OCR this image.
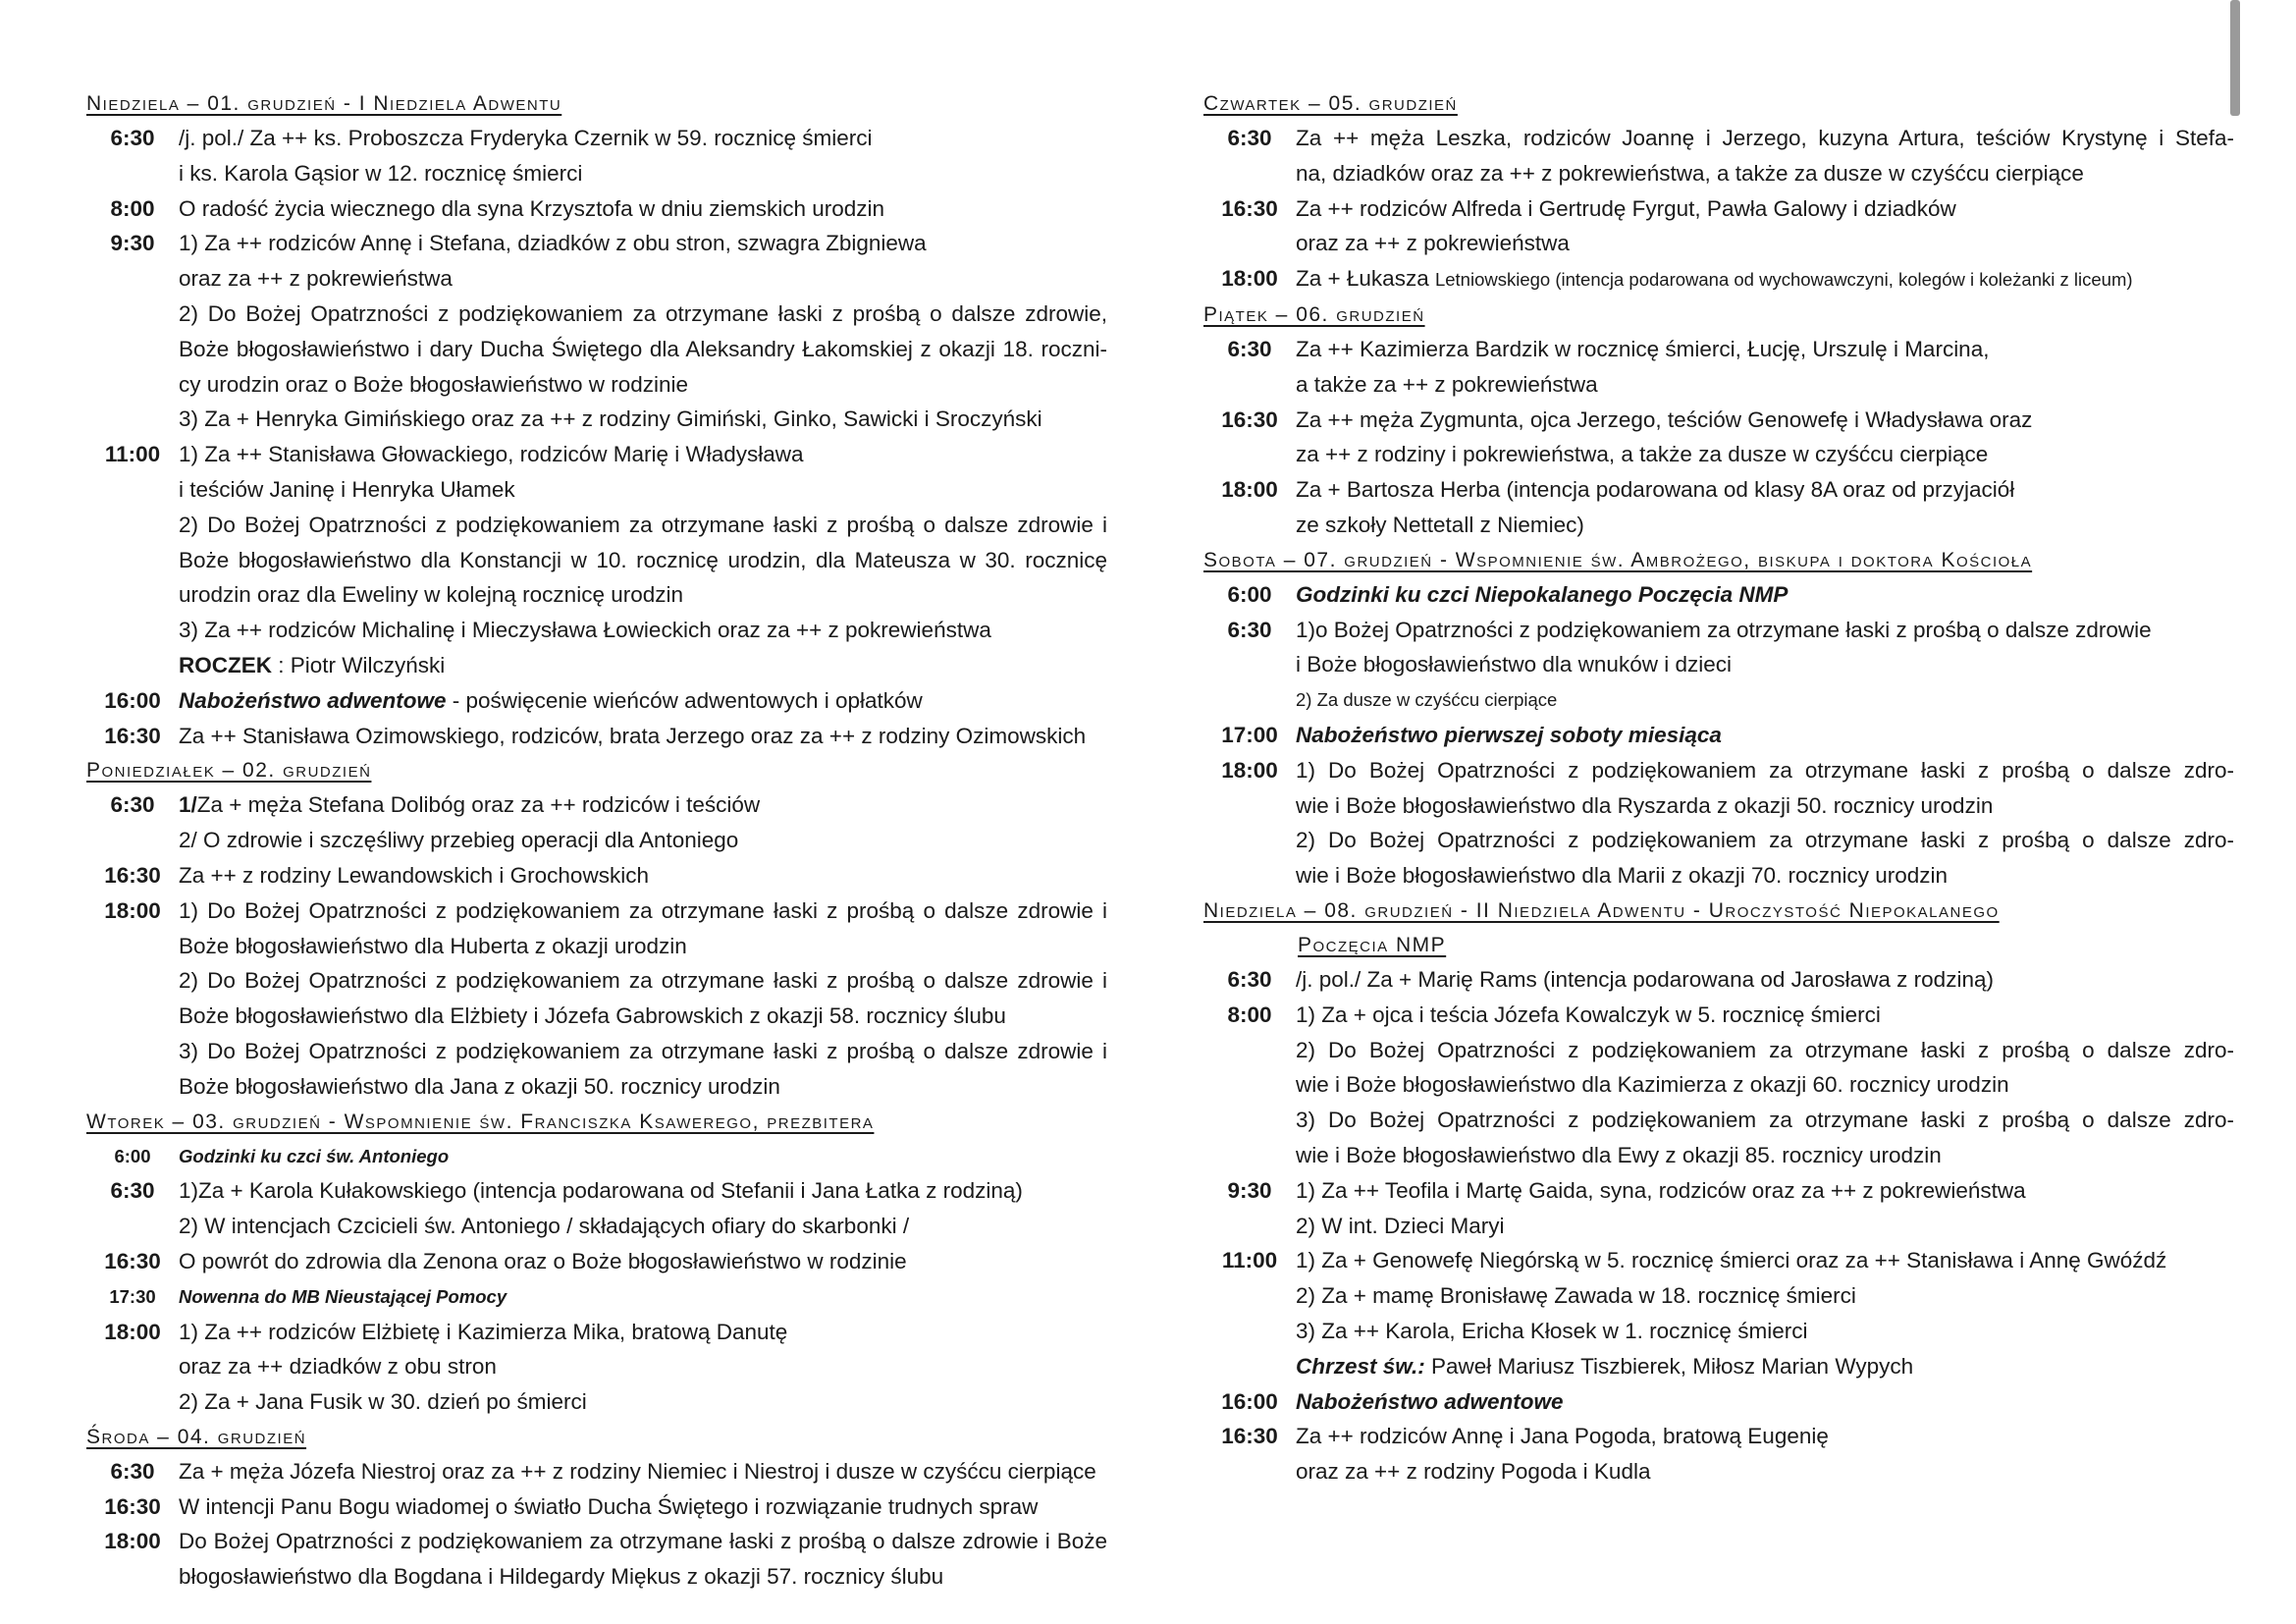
Niedziela – 01. grudzień - I Niedziela Adwentu
6:30	/j. pol./ Za ++ ks. Proboszcza Fryderyka Czernik w 59. rocznicę śmierci
i ks. Karola Gąsior w 12. rocznicę śmierci
8:00	O radość życia wiecznego dla syna Krzysztofa w dniu ziemskich urodzin
9:30	1) Za ++ rodziców Annę i Stefana, dziadków z obu stron, szwagra Zbigniewa
oraz za ++ z pokrewieństwa
2) Do Bożej Opatrzności z podziękowaniem za otrzymane łaski z prośbą o dalsze zdrowie,
Boże błogosławieństwo i dary Ducha Świętego dla Aleksandry Łakomskiej z okazji 18. roczni-
cy urodzin oraz o Boże błogosławieństwo w rodzinie
3) Za + Henryka Gimińskiego oraz za ++ z rodziny Gimiński, Ginko, Sawicki i Sroczyński
11:00 1) Za ++ Stanisława Głowackiego, rodziców Marię i Władysława
i teściów Janinę i Henryka Ułamek
2) Do Bożej Opatrzności z podziękowaniem za otrzymane łaski z prośbą o dalsze zdrowie i
Boże błogosławieństwo dla Konstancji w 10. rocznicę urodzin, dla Mateusza w 30. rocznicę
urodzin oraz dla Eweliny w kolejną rocznicę urodzin
3) Za ++ rodziców Michalinę i Mieczysława Łowieckich oraz za ++ z pokrewieństwa
ROCZEK : Piotr Wilczyński
16:00 Nabożeństwo adwentowe - poświęcenie wieńców adwentowych i opłatków
16:30 Za ++ Stanisława Ozimowskiego, rodziców, brata Jerzego oraz za ++ z rodziny Ozimowskich
Poniedziałek – 02. grudzień
6:30	1/Za + męża Stefana Dolibóg oraz za ++ rodziców i teściów
2/ O zdrowie i szczęśliwy przebieg operacji dla Antoniego
16:30 Za ++ z rodziny Lewandowskich i Grochowskich
18:00 1) Do Bożej Opatrzności z podziękowaniem za otrzymane łaski z prośbą o dalsze zdrowie i
Boże błogosławieństwo dla Huberta z okazji urodzin
2) Do Bożej Opatrzności z podziękowaniem za otrzymane łaski z prośbą o dalsze zdrowie i
Boże błogosławieństwo dla Elżbiety i Józefa Gabrowskich z okazji 58. rocznicy ślubu
3) Do Bożej Opatrzności z podziękowaniem za otrzymane łaski z prośbą o dalsze zdrowie i
Boże błogosławieństwo dla Jana z okazji 50. rocznicy urodzin
Wtorek – 03. grudzień - Wspomnienie św. Franciszka Ksawerego, prezbitera
6:00	Godzinki ku czci św. Antoniego
6:30	1)Za + Karola Kułakowskiego (intencja podarowana od Stefanii i Jana Łatka z rodziną)
2) W intencjach Czcicieli św. Antoniego / składających ofiary do skarbonki /
16:30 O powrót do zdrowia dla Zenona oraz o Boże błogosławieństwo w rodzinie
17:30	Nowenna do MB Nieustającej Pomocy
18:00 1) Za ++ rodziców Elżbietę i Kazimierza Mika, bratową Danutę
oraz za ++ dziadków z obu stron
2) Za + Jana Fusik w 30. dzień po śmierci
Środa – 04. grudzień
6:30	Za + męża Józefa Niestroj oraz za ++ z rodziny Niemiec i Niestroj i dusze w czyśćcu cierpiące
16:30 W intencji Panu Bogu wiadomej o światło Ducha Świętego i rozwiązanie trudnych spraw
18:00 Do Bożej Opatrzności z podziękowaniem za otrzymane łaski z prośbą o dalsze zdrowie i Boże
błogosławieństwo dla Bogdana i Hildegardy Miękus z okazji 57. rocznicy ślubu
Czwartek – 05. grudzień
6:30	Za ++ męża Leszka, rodziców Joannę i Jerzego, kuzyna Artura, teściów Krystynę i Stefa-
na, dziadków oraz za ++ z pokrewieństwa, a także za dusze w czyśćcu cierpiące
16:30 Za ++ rodziców Alfreda i Gertrudę Fyrgut, Pawła Galowy i dziadków
oraz za ++ z pokrewieństwa
18:00 Za + Łukasza Letniowskiego (intencja podarowana od wychowawczyni, kolegów i koleżanki z liceum)
Piątek – 06. grudzień
6:30	Za ++ Kazimierza Bardzik w rocznicę śmierci, Łucję, Urszulę i Marcina,
a także za ++ z pokrewieństwa
16:30 Za ++ męża Zygmunta, ojca Jerzego, teściów Genowefę i Władysława oraz
za ++ z rodziny i pokrewieństwa, a także za dusze w czyśćcu cierpiące
18:00 Za + Bartosza Herba (intencja podarowana od klasy 8A oraz od przyjaciół
ze szkoły Nettetall z Niemiec)
Sobota – 07. grudzień - Wspomnienie św. Ambrożego, biskupa i doktora Kościoła
6:00	Godzinki ku czci Niepokalanego Poczęcia NMP
6:30	1)o Bożej Opatrzności z podziękowaniem za otrzymane łaski z prośbą o dalsze zdrowie
i Boże błogosławieństwo dla wnuków i dzieci
2) Za dusze w czyśćcu cierpiące
17:00 Nabożeństwo pierwszej soboty miesiąca
18:00 1) Do Bożej Opatrzności z podziękowaniem za otrzymane łaski z prośbą o dalsze zdro-
wie i Boże błogosławieństwo dla Ryszarda z okazji 50. rocznicy urodzin
2) Do Bożej Opatrzności z podziękowaniem za otrzymane łaski z prośbą o dalsze zdro-
wie i Boże błogosławieństwo dla Marii z okazji 70. rocznicy urodzin
Niedziela – 08. grudzień - II Niedziela Adwentu - Uroczystość Niepokalanego
Poczęcia NMP
6:30	/j. pol./ Za + Marię Rams (intencja podarowana od Jarosława z rodziną)
8:00	1) Za + ojca i teścia Józefa Kowalczyk w 5. rocznicę śmierci
2) Do Bożej Opatrzności z podziękowaniem za otrzymane łaski z prośbą o dalsze zdro-
wie i Boże błogosławieństwo dla Kazimierza z okazji 60. rocznicy urodzin
3) Do Bożej Opatrzności z podziękowaniem za otrzymane łaski z prośbą o dalsze zdro-
wie i Boże błogosławieństwo dla Ewy z okazji 85. rocznicy urodzin
9:30	1) Za ++ Teofila i Martę Gaida, syna, rodziców oraz za ++ z pokrewieństwa
2) W int. Dzieci Maryi
11:00 1) Za + Genowefę Niegórską w 5. rocznicę śmierci oraz za ++ Stanisława i Annę Gwóźdź
2) Za + mamę Bronisławę Zawada w 18. rocznicę śmierci
3) Za ++ Karola, Ericha Kłosek w 1. rocznicę śmierci
Chrzest św.: Paweł Mariusz Tiszbierek, Miłosz Marian Wypych
16:00 Nabożeństwo adwentowe
16:30 Za ++ rodziców Annę i Jana Pogoda, bratową Eugenię
oraz za ++ z rodziny Pogoda i Kudla
